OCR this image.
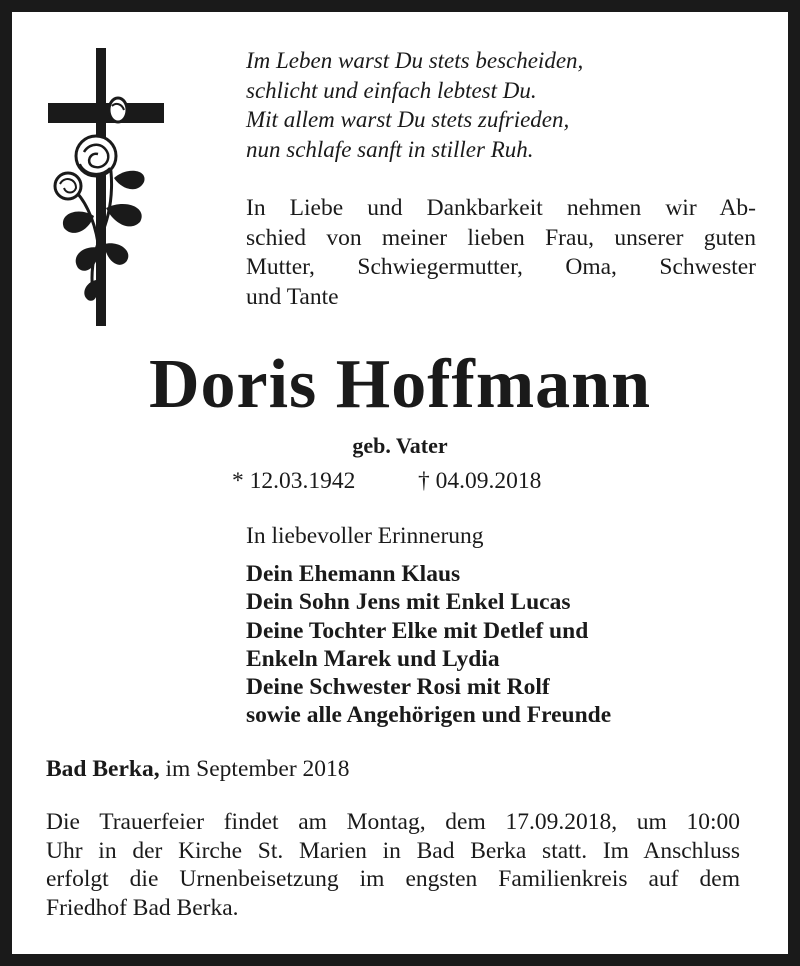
Im Leben warst Du stets bescheiden,
schlicht und einfach lebtest Du.
Mit allem warst Du stets zufrieden,
nun schlafe sanft in stiller Ruh.
In Liebe und Dankbarkeit nehmen wir Ab-
schied von meiner lieben Frau, unserer guten
Mutter, Schwiegermutter, Oma, Schwester
und Tante
Doris Hoffmann
geb. Vater
* 12.03.1942	† 04.09.2018
In liebevoller Erinnerung
Dein Ehemann Klaus
Dein Sohn Jens mit Enkel Lucas
Deine Tochter Elke mit Detlef und
Enkeln Marek und Lydia
Deine Schwester Rosi mit Rolf
sowie alle Angehörigen und Freunde
Bad Berka, im September 2018
Die Trauerfeier findet am Montag, dem 17.09.2018, um 10:00
Uhr in der Kirche St. Marien in Bad Berka statt. Im Anschluss
erfolgt die Urnenbeisetzung im engsten Familienkreis auf dem
Friedhof Bad Berka.
